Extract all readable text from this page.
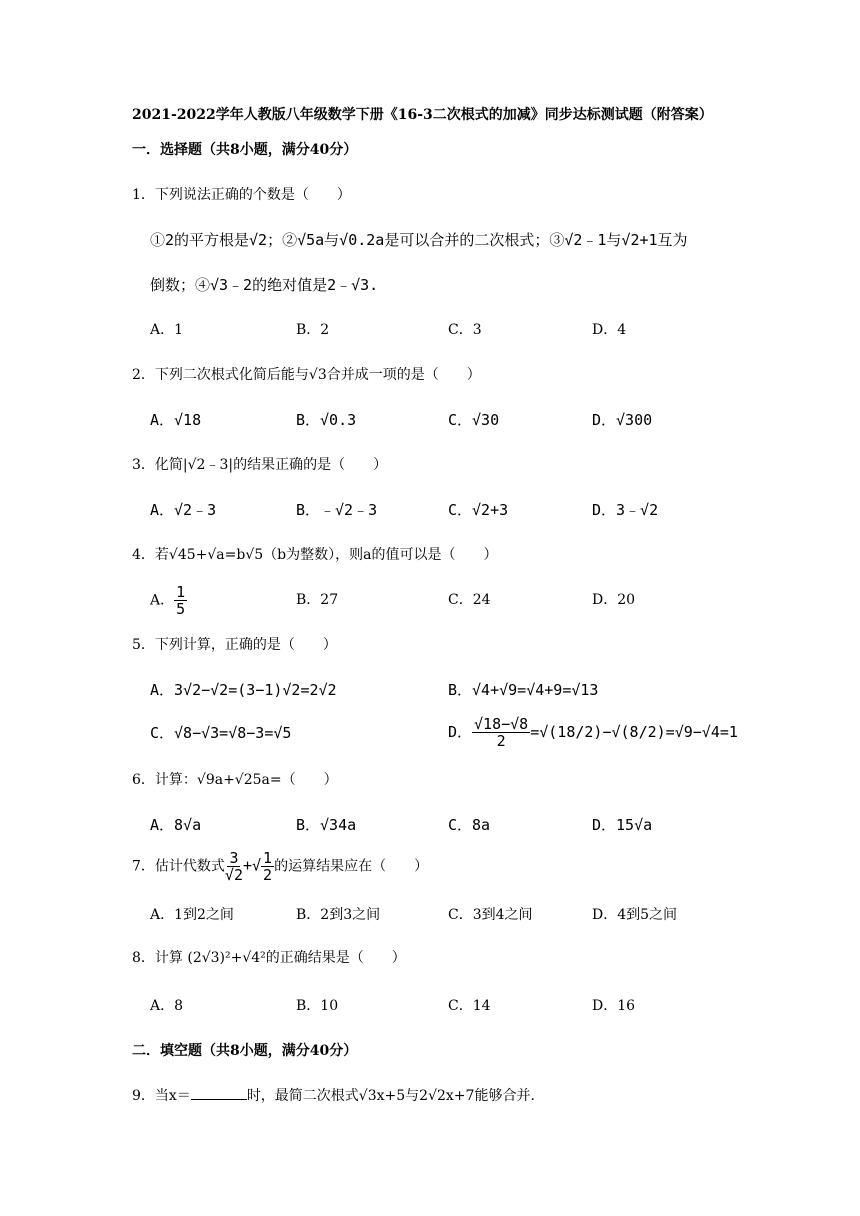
2021-2022学年人教版八年级数学下册《16-3二次根式的加减》同步达标测试题（附答案）
一．选择题（共8小题，满分40分）
1．下列说法正确的个数是（　　）
①2的平方根是√2；②√5a与√0.2a是可以合并的二次根式；③√2﹣1与√2+1互为
倒数；④√3﹣2的绝对值是2﹣√3.
A．1	B．2	C．3	D．4
2．下列二次根式化简后能与√3合并成一项的是（　　）
A．√18	B．√0.3	C．√30	D．√300
3．化简|√2﹣3|的结果正确的是（　　）
A．√2﹣3	B．﹣√2﹣3	C．√2+3	D．3﹣√2
4．若√45+√a=b√5（b为整数），则a的值可以是（　　）
A． $\frac{1}{5}$	B．27	C．24	D．20
5．下列计算，正确的是（　　）
A．3√2−√2=(3−1)√2=2√2	B．√4+√9=√4+9=√13
C．√8−√3=√8−3=√5	D． $\frac{√18-√8}{2} =√(18/2)-√(8/2)=√9-√4=1$
6．计算：√9a+√25a=（　　）
A．8√a	B．√34a	C．8a	D．15√a
7．估计代数式 $\frac{3}{√2}$ +√ $\frac{1}{2}$ 的运算结果应在（　　）
A．1到2之间	B．2到3之间	C．3到4之间	D．4到5之间
8．计算 (2√3)²+√4²的正确结果是（　　）
A．8	B．10	C．14	D．16
二．填空题（共8小题，满分40分）
9．当x＝	时，最简二次根式√3x+5与2√2x+7能够合并.
